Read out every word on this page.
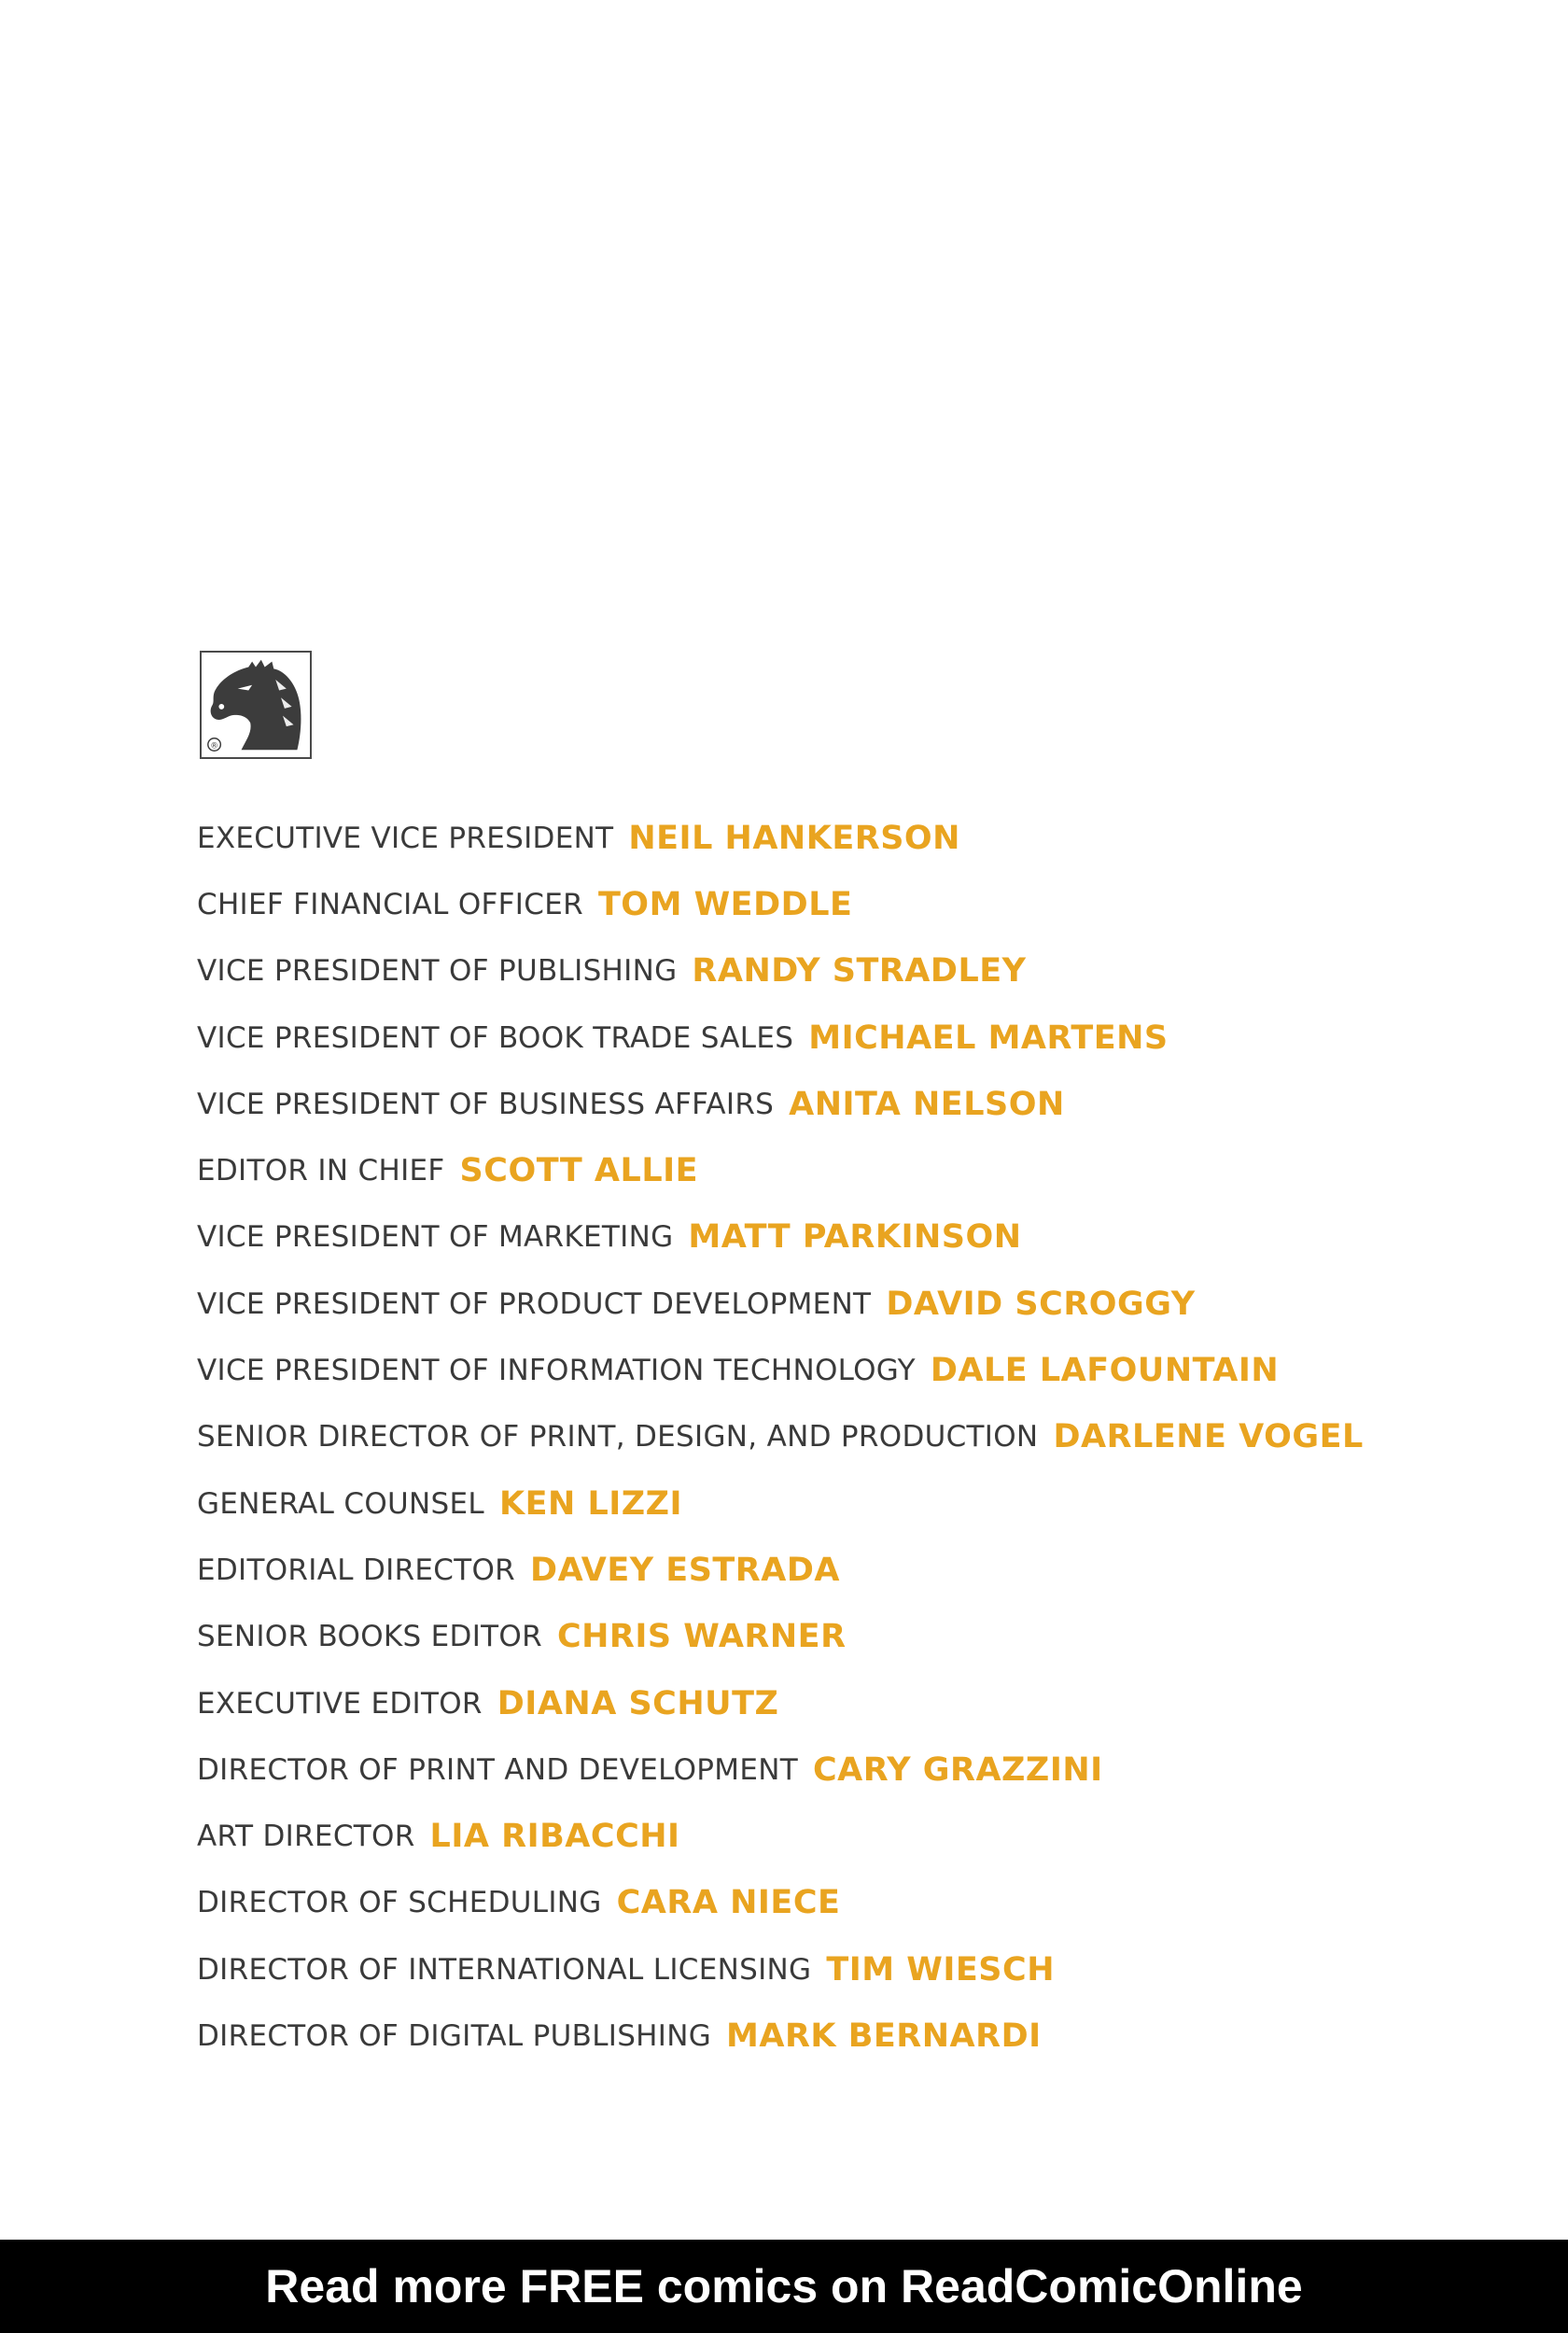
®
EXECUTIVE VICE PRESIDENT NEIL HANKERSON
CHIEF FINANCIAL OFFICER TOM WEDDLE
VICE PRESIDENT OF PUBLISHING RANDY STRADLEY
VICE PRESIDENT OF BOOK TRADE SALES MICHAEL MARTENS
VICE PRESIDENT OF BUSINESS AFFAIRS ANITA NELSON
EDITOR IN CHIEF SCOTT ALLIE
VICE PRESIDENT OF MARKETING MATT PARKINSON
VICE PRESIDENT OF PRODUCT DEVELOPMENT DAVID SCROGGY
VICE PRESIDENT OF INFORMATION TECHNOLOGY DALE LAFOUNTAIN
SENIOR DIRECTOR OF PRINT, DESIGN, AND PRODUCTION DARLENE VOGEL
GENERAL COUNSEL KEN LIZZI
EDITORIAL DIRECTOR DAVEY ESTRADA
SENIOR BOOKS EDITOR CHRIS WARNER
EXECUTIVE EDITOR DIANA SCHUTZ
DIRECTOR OF PRINT AND DEVELOPMENT CARY GRAZZINI
ART DIRECTOR LIA RIBACCHI
DIRECTOR OF SCHEDULING CARA NIECE
DIRECTOR OF INTERNATIONAL LICENSING TIM WIESCH
DIRECTOR OF DIGITAL PUBLISHING MARK BERNARDI
Read more FREE comics on ReadComicOnline
